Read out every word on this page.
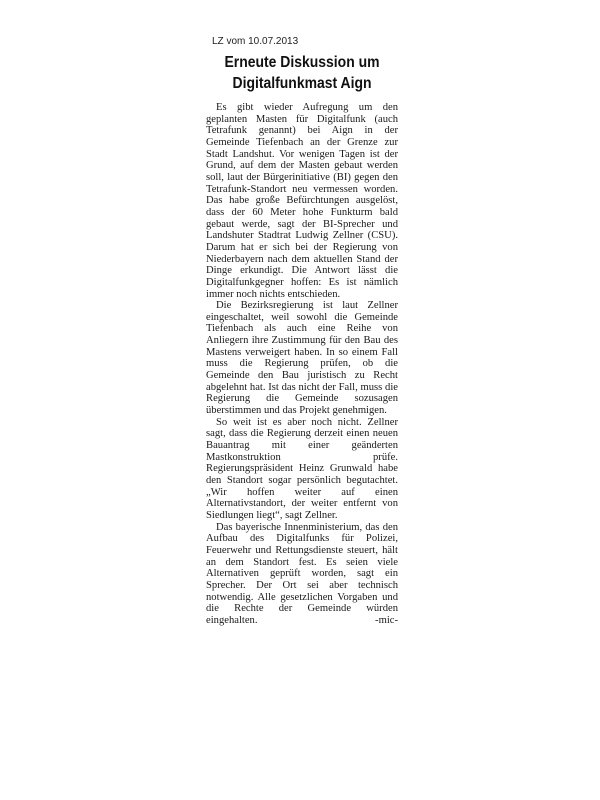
LZ vom 10.07.2013
Erneute Diskussion um
Digitalfunkmast Aign

Es gibt wieder Aufregung um den geplanten Masten für Digitalfunk (auch Tetrafunk genannt) bei Aign in der Gemeinde Tiefenbach an der Grenze zur Stadt Landshut. Vor wenigen Tagen ist der Grund, auf dem der Masten gebaut werden soll, laut der Bürgerinitiative (BI) gegen den Tetrafunk-Standort neu vermessen worden. Das habe große Befürchtungen ausgelöst, dass der 60 Meter hohe Funkturm bald gebaut werde, sagt der BI-Sprecher und Landshuter Stadtrat Ludwig Zellner (CSU). Darum hat er sich bei der Regierung von Niederbayern nach dem aktuellen Stand der Dinge erkundigt. Die Antwort lässt die Digitalfunkgegner hoffen: Es ist nämlich immer noch nichts entschieden.

Die Bezirksregierung ist laut Zellner eingeschaltet, weil sowohl die Gemeinde Tiefenbach als auch eine Reihe von Anliegern ihre Zustimmung für den Bau des Mastens verweigert haben. In so einem Fall muss die Regierung prüfen, ob die Gemeinde den Bau juristisch zu Recht abgelehnt hat. Ist das nicht der Fall, muss die Regierung die Gemeinde sozusagen überstimmen und das Projekt genehmigen.

So weit ist es aber noch nicht. Zellner sagt, dass die Regierung derzeit einen neuen Bauantrag mit einer geänderten Mastkonstruktion prüfe. Regierungspräsident Heinz Grunwald habe den Standort sogar persönlich begutachtet. „Wir hoffen weiter auf einen Alternativstandort, der weiter entfernt von Siedlungen liegt“, sagt Zellner.

Das bayerische Innenministerium, das den Aufbau des Digitalfunks für Polizei, Feuerwehr und Rettungsdienste steuert, hält an dem Standort fest. Es seien viele Alternativen geprüft worden, sagt ein Sprecher. Der Ort sei aber technisch notwendig. Alle gesetzlichen Vorgaben und die Rechte der Gemeinde würden eingehalten.	-mic-
